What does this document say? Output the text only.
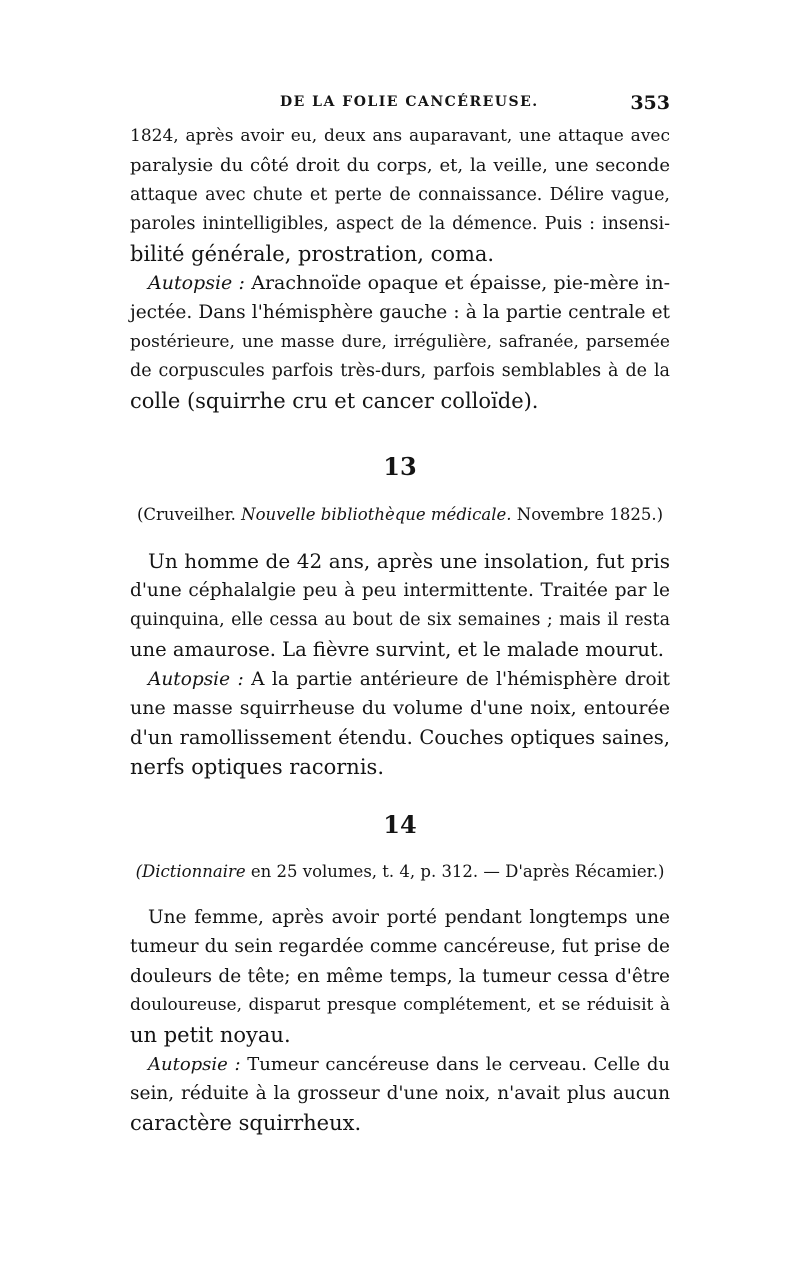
DE LA FOLIE CANCÉREUSE.	353
1824, après avoir eu, deux ans auparavant, une attaque avec
paralysie du côté droit du corps, et, la veille, une seconde
attaque avec chute et perte de connaissance. Délire vague,
paroles inintelligibles, aspect de la démence. Puis : insensi-
bilité générale, prostration, coma.
Autopsie : Arachnoïde opaque et épaisse, pie-mère in-
jectée. Dans l'hémisphère gauche : à la partie centrale et
postérieure, une masse dure, irrégulière, safranée, parsemée
de corpuscules parfois très-durs, parfois semblables à de la
colle (squirrhe cru et cancer colloïde).
13
(Cruveilher. Nouvelle bibliothèque médicale. Novembre 1825.)
Un homme de 42 ans, après une insolation, fut pris
d'une céphalalgie peu à peu intermittente. Traitée par le
quinquina, elle cessa au bout de six semaines ; mais il resta
une amaurose. La fièvre survint, et le malade mourut.
Autopsie : A la partie antérieure de l'hémisphère droit
une masse squirrheuse du volume d'une noix, entourée
d'un ramollissement étendu. Couches optiques saines,
nerfs optiques racornis.
14
(Dictionnaire en 25 volumes, t. 4, p. 312. — D'après Récamier.)
Une femme, après avoir porté pendant longtemps une
tumeur du sein regardée comme cancéreuse, fut prise de
douleurs de tête; en même temps, la tumeur cessa d'être
douloureuse, disparut presque complétement, et se réduisit à
un petit noyau.
Autopsie : Tumeur cancéreuse dans le cerveau. Celle du
sein, réduite à la grosseur d'une noix, n'avait plus aucun
caractère squirrheux.
